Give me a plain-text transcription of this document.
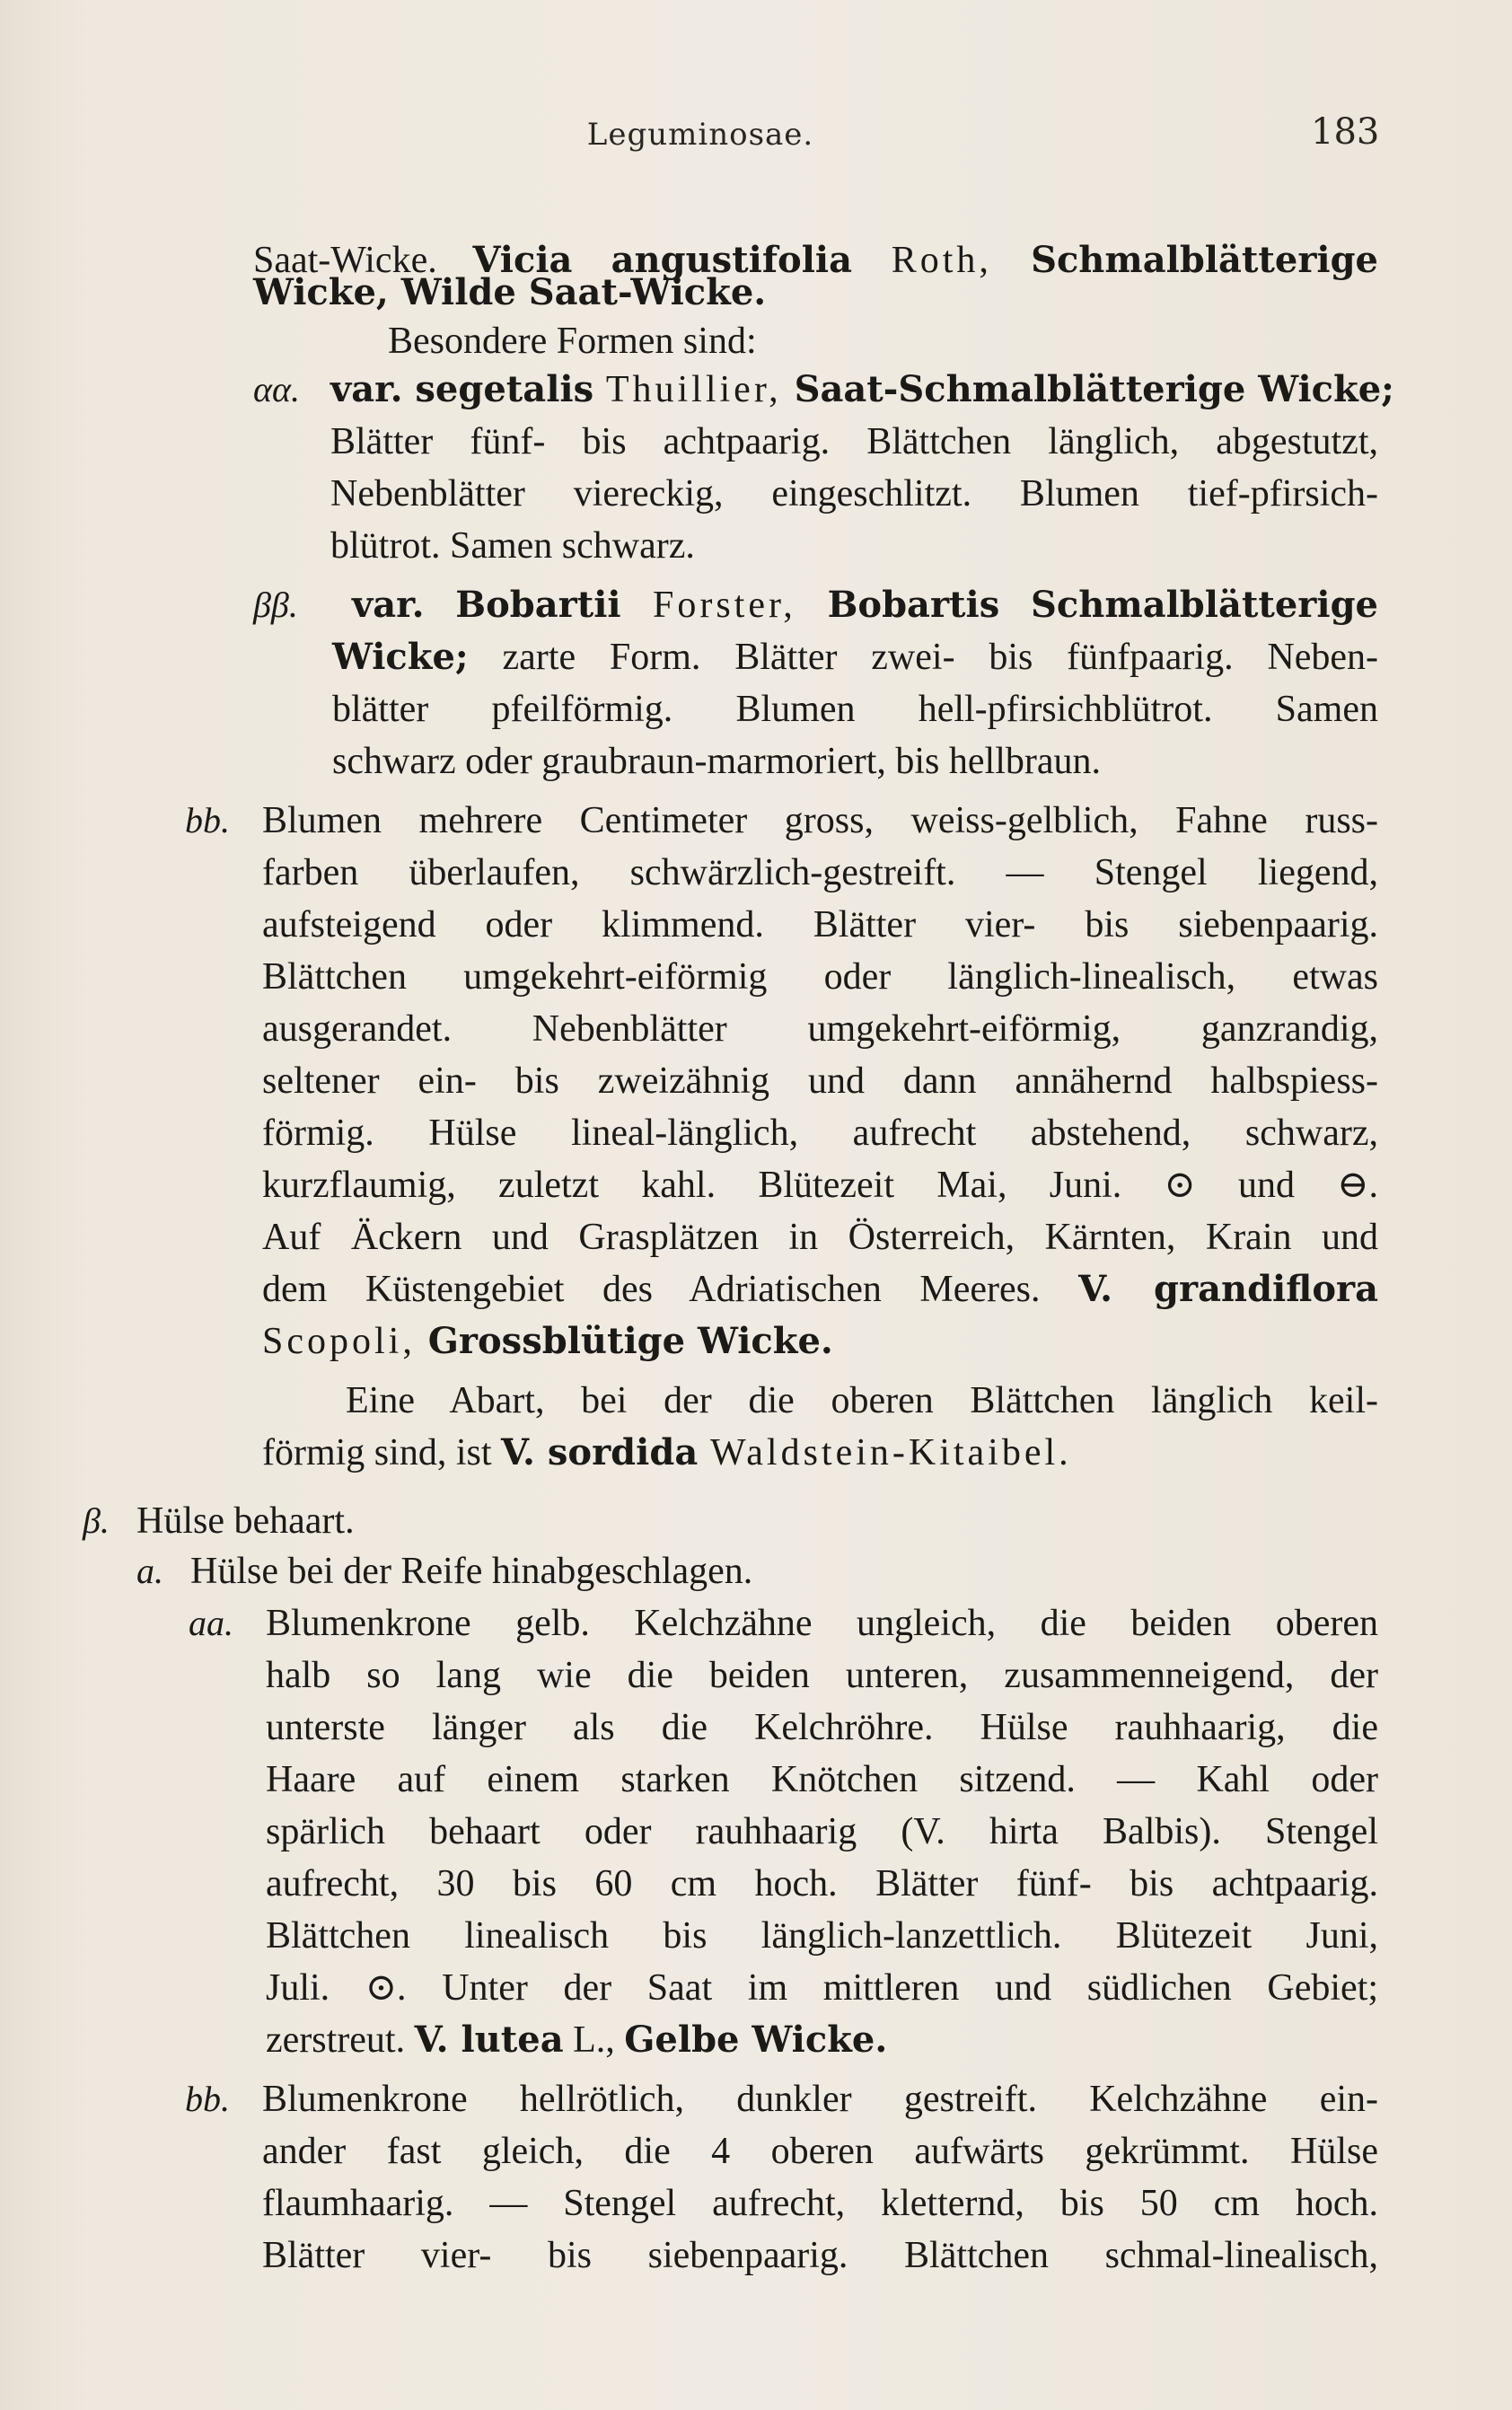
Leguminosae.	183
Saat-Wicke. Vicia angustifolia Roth, Schmalblätterige
Wicke, Wilde Saat-Wicke.
Besondere Formen sind:
var. segetalis Thuillier, Saat-Schmalblätterige Wicke;
Blätter fünf- bis achtpaarig. Blättchen länglich, abgestutzt,
Nebenblätter viereckig, eingeschlitzt. Blumen tief-pfirsich-
blütrot. Samen schwarz.
var. Bobartii Forster, Bobartis Schmalblätterige
Wicke; zarte Form. Blätter zwei- bis fünfpaarig. Neben-
blätter pfeilförmig. Blumen hell-pfirsichblütrot. Samen
schwarz oder graubraun-marmoriert, bis hellbraun.
Blumen mehrere Centimeter gross, weiss-gelblich, Fahne russ-
farben überlaufen, schwärzlich-gestreift. — Stengel liegend,
aufsteigend oder klimmend. Blätter vier- bis siebenpaarig.
Blättchen umgekehrt-eiförmig oder länglich-linealisch, etwas
ausgerandet. Nebenblätter umgekehrt-eiförmig, ganzrandig,
seltener ein- bis zweizähnig und dann annähernd halbspiess-
förmig. Hülse lineal-länglich, aufrecht abstehend, schwarz,
kurzflaumig, zuletzt kahl. Blütezeit Mai, Juni. ⊙ und ⊖.
Auf Äckern und Grasplätzen in Österreich, Kärnten, Krain und
dem Küstengebiet des Adriatischen Meeres. V. grandiflora
Scopoli, Grossblütige Wicke.
Eine Abart, bei der die oberen Blättchen länglich keil-
förmig sind, ist V. sordida Waldstein-Kitaibel.
Hülse behaart.
Hülse bei der Reife hinabgeschlagen.
Blumenkrone gelb. Kelchzähne ungleich, die beiden oberen
halb so lang wie die beiden unteren, zusammenneigend, der
unterste länger als die Kelchröhre. Hülse rauhhaarig, die
Haare auf einem starken Knötchen sitzend. — Kahl oder
spärlich behaart oder rauhhaarig (V. hirta Balbis). Stengel
aufrecht, 30 bis 60 cm hoch. Blätter fünf- bis achtpaarig.
Blättchen linealisch bis länglich-lanzettlich. Blütezeit Juni,
Juli. ⊙. Unter der Saat im mittleren und südlichen Gebiet;
zerstreut. V. lutea L., Gelbe Wicke.
Blumenkrone hellrötlich, dunkler gestreift. Kelchzähne ein-
ander fast gleich, die 4 oberen aufwärts gekrümmt. Hülse
flaumhaarig. — Stengel aufrecht, kletternd, bis 50 cm hoch.
Blätter vier- bis siebenpaarig. Blättchen schmal-linealisch,
αα.
ββ.
bb.
β.
a.
aa.
bb.
